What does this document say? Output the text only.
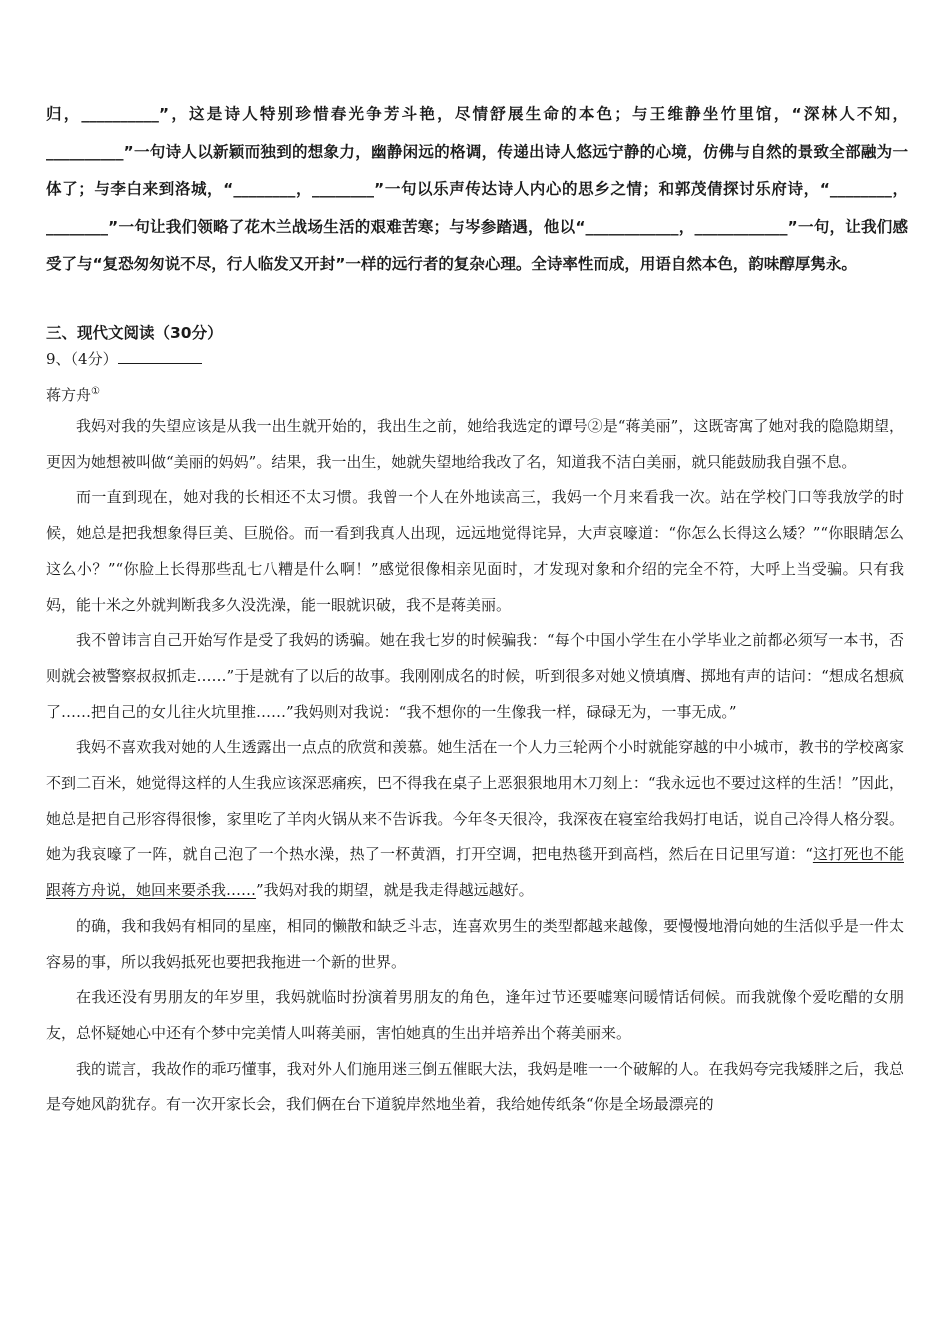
归，__________”，这是诗人特别珍惜春光争芳斗艳，尽情舒展生命的本色；与王维静坐竹里馆，“深林人不知，__________”一句诗人以新颖而独到的想象力，幽静闲远的格调，传递出诗人悠远宁静的心境，仿佛与自然的景致全部融为一体了；与李白来到洛城，“________，________”一句以乐声传达诗人内心的思乡之情；和郭茂倩探讨乐府诗，“________，________”一句让我们领略了花木兰战场生活的艰难苦寒；与岑参踏遇，他以“____________，____________”一句，让我们感受了与“复恐匆匆说不尽，行人临发又开封”一样的远行者的复杂心理。全诗率性而成，用语自然本色，韵味醇厚隽永。
三、现代文阅读（30分）
9、（4分）
蒋方舟①

我妈对我的失望应该是从我一出生就开始的，我出生之前，她给我选定的谭号②是“蒋美丽”，这既寄寓了她对我的隐隐期望，更因为她想被叫做“美丽的妈妈”。结果，我一出生，她就失望地给我改了名，知道我不洁白美丽，就只能鼓励我自强不息。

而一直到现在，她对我的长相还不太习惯。我曾一个人在外地读高三，我妈一个月来看我一次。站在学校门口等我放学的时候，她总是把我想象得巨美、巨脱俗。而一看到我真人出现，远远地觉得诧异，大声哀嚎道：“你怎么长得这么矮？”“你眼睛怎么这么小？”“你脸上长得那些乱七八糟是什么啊！”感觉很像相亲见面时，才发现对象和介绍的完全不符，大呼上当受骗。只有我妈，能十米之外就判断我多久没洗澡，能一眼就识破，我不是蒋美丽。

我不曾讳言自己开始写作是受了我妈的诱骗。她在我七岁的时候骗我：“每个中国小学生在小学毕业之前都必须写一本书，否则就会被警察叔叔抓走……”于是就有了以后的故事。我刚刚成名的时候，听到很多对她义愤填膺、掷地有声的诘问：“想成名想疯了……把自己的女儿往火坑里推……”我妈则对我说：“我不想你的一生像我一样，碌碌无为，一事无成。”

我妈不喜欢我对她的人生透露出一点点的欣赏和羡慕。她生活在一个人力三轮两个小时就能穿越的中小城市，教书的学校离家不到二百米，她觉得这样的人生我应该深恶痛疾，巴不得我在桌子上恶狠狠地用木刀刻上：“我永远也不要过这样的生活！”因此，她总是把自己形容得很惨，家里吃了羊肉火锅从来不告诉我。今年冬天很冷，我深夜在寝室给我妈打电话，说自己冷得人格分裂。她为我哀嚎了一阵，就自己泡了一个热水澡，热了一杯黄酒，打开空调，把电热毯开到高档，然后在日记里写道：“这打死也不能跟蒋方舟说，她回来要杀我……”我妈对我的期望，就是我走得越远越好。

的确，我和我妈有相同的星座，相同的懒散和缺乏斗志，连喜欢男生的类型都越来越像，要慢慢地滑向她的生活似乎是一件太容易的事，所以我妈抵死也要把我拖进一个新的世界。

在我还没有男朋友的年岁里，我妈就临时扮演着男朋友的角色，逢年过节还要嘘寒问暖情话伺候。而我就像个爱吃醋的女朋友，总怀疑她心中还有个梦中完美情人叫蒋美丽，害怕她真的生出并培养出个蒋美丽来。

我的谎言，我故作的乖巧懂事，我对外人们施用迷三倒五催眠大法，我妈是唯一一个破解的人。在我妈夸完我矮胖之后，我总是夸她风韵犹存。有一次开家长会，我们俩在台下道貌岸然地坐着，我给她传纸条“你是全场最漂亮的
